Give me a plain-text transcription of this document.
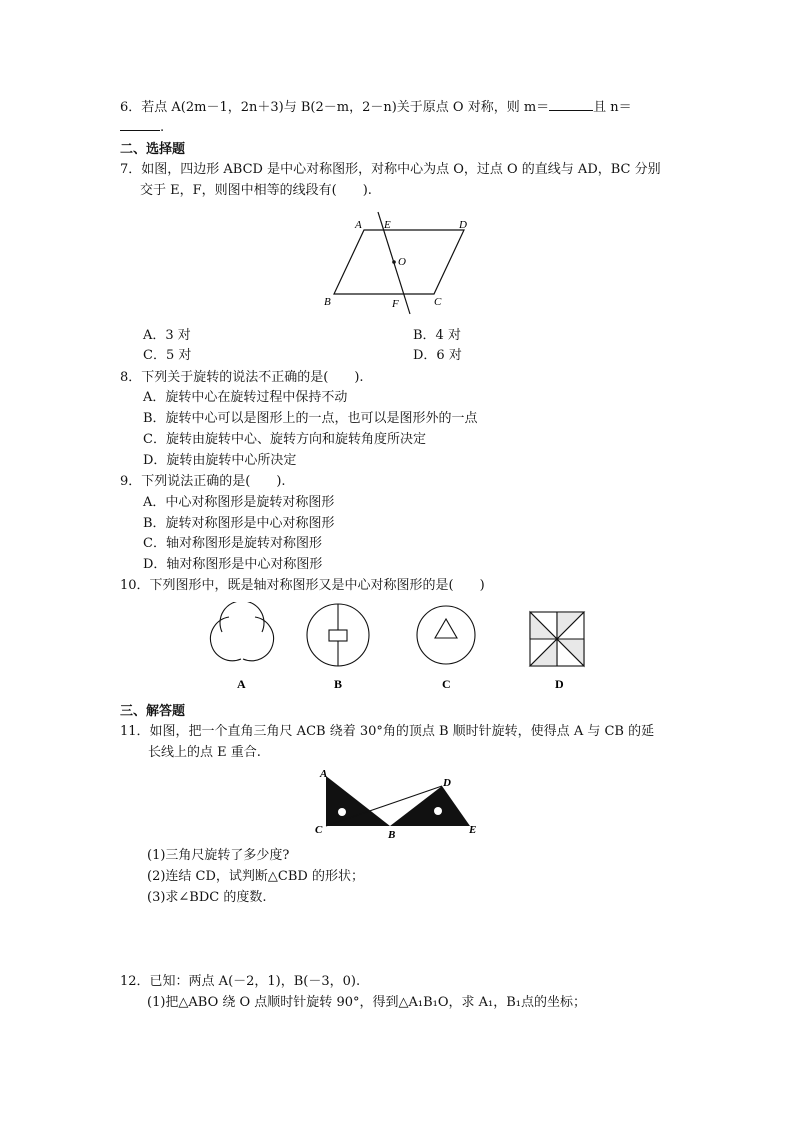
6．若点 A(2m－1，2n＋3)与 B(2－m，2－n)关于原点 O 对称，则 m＝	且 n＝
.
二、选择题
7．如图，四边形 ABCD 是中心对称图形，对称中心为点 O，过点 O 的直线与 AD，BC 分别
交于 E，F，则图中相等的线段有(　　).
A E	D
O
B	F	C
A．3 对	B．4 对
C．5 对	D．6 对
8．下列关于旋转的说法不正确的是(　　).
A．旋转中心在旋转过程中保持不动
B．旋转中心可以是图形上的一点，也可以是图形外的一点
C．旋转由旋转中心、旋转方向和旋转角度所决定
D．旋转由旋转中心所决定
9．下列说法正确的是(　　).
A．中心对称图形是旋转对称图形
B．旋转对称图形是中心对称图形
C．轴对称图形是旋转对称图形
D．轴对称图形是中心对称图形
10．下列图形中，既是轴对称图形又是中心对称图形的是(　　)
A	B	C	D
三、解答题
11．如图，把一个直角三角尺 ACB 绕着 30°角的顶点 B 顺时针旋转，使得点 A 与 CB 的延
长线上的点 E 重合.
A
D
C	B	E
(1)三角尺旋转了多少度?
(2)连结 CD，试判断△CBD 的形状；
(3)求∠BDC 的度数.
12．已知：两点 A(－2，1)，B(－3，0).
(1)把△ABO 绕 O 点顺时针旋转 90°，得到△A₁B₁O，求 A₁，B₁点的坐标；
